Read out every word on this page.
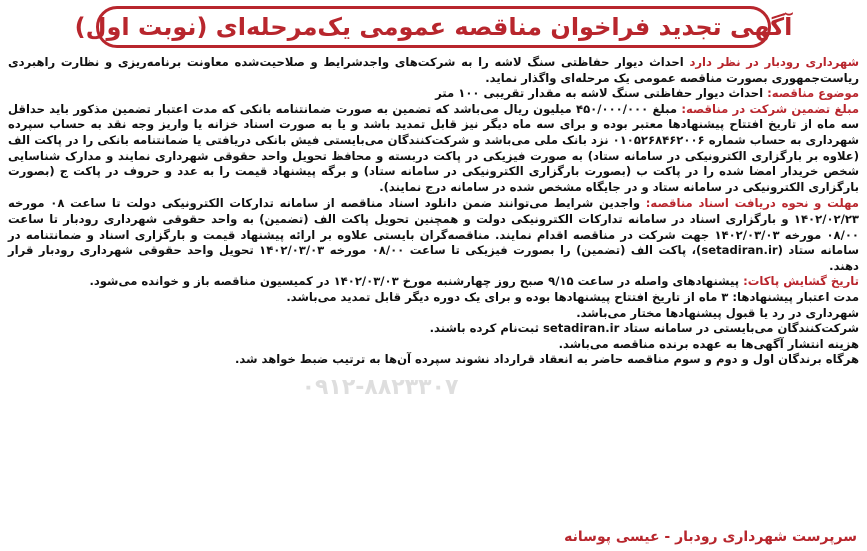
آگهی تجدید فراخوان مناقصه عمومی یک‌مرحله‌ای (نوبت اول)

شهرداری رودبار در نظر دارد احداث دیوار حفاظتی سنگ لاشه را به شرکت‌های واجدشرایط و صلاحیت‌شده معاونت برنامه‌ریزی و نظارت راهبردی ریاست‌جمهوری بصورت مناقصه عمومی یک مرحله‌ای واگذار نماید.

موضوع مناقصه: احداث دیوار حفاظتی سنگ لاشه به مقدار تقریبی ۱۰۰ متر

مبلغ تضمین شرکت در مناقصه: مبلغ ۴۵۰/۰۰۰/۰۰۰ میلیون ریال می‌باشد که تضمین به صورت ضمانتنامه بانکی که مدت اعتبار تضمین مذکور باید حداقل سه ماه از تاریخ افتتاح پیشنهادها معتبر بوده و برای سه ماه دیگر نیز قابل تمدید باشد و یا به صورت اسناد خزانه یا واریز وجه نقد به حساب سپرده شهرداری به حساب شماره ۰۱۰۵۲۶۸۴۶۲۰۰۶ نزد بانک ملی می‌باشد و شرکت‌کنندگان می‌بایستی فیش بانکی دریافتی یا ضمانتنامه بانکی را در پاکت الف (علاوه بر بارگزاری الکترونیکی در سامانه ستاد) به صورت فیزیکی در پاکت دربسته و محافظ تحویل واحد حقوقی شهرداری نمایند و مدارک شناسایی شخص خریدار امضا شده را در پاکت ب (بصورت بارگزاری الکترونیکی در سامانه ستاد) و برگه پیشنهاد قیمت را به عدد و حروف در پاکت ج (بصورت بارگزاری الکترونیکی در سامانه ستاد و در جایگاه مشخص شده در سامانه درج نمایند).

مهلت و نحوه دریافت اسناد مناقصه: واجدین شرایط می‌توانند ضمن دانلود اسناد مناقصه از سامانه تدارکات الکترونیکی دولت تا ساعت ۰۸ مورخه ۱۴۰۲/۰۲/۲۳ و بارگزاری اسناد در سامانه تدارکات الکترونیکی دولت و همچنین تحویل پاکت الف (تضمین) به واحد حقوقی شهرداری رودبار تا ساعت ۰۸/۰۰ مورخه ۱۴۰۲/۰۳/۰۳ جهت شرکت در مناقصه اقدام نمایند. مناقصه‌گران بایستی علاوه بر ارائه پیشنهاد قیمت و بارگزاری اسناد و ضمانتنامه در سامانه ستاد (setadiran.ir)، پاکت الف (تضمین) را بصورت فیزیکی تا ساعت ۰۸/۰۰ مورخه ۱۴۰۲/۰۳/۰۳ تحویل واحد حقوقی شهرداری رودبار قرار دهند.

تاریخ گشایش پاکات: پیشنهادهای واصله در ساعت ۹/۱۵ صبح روز چهارشنبه مورخ ۱۴۰۲/۰۳/۰۳ در کمیسیون مناقصه باز و خوانده می‌شود.

مدت اعتبار پیشنهادها: ۳ ماه از تاریخ افتتاح پیشنهادها بوده و برای یک دوره دیگر قابل تمدید می‌باشد.

شهرداری در رد یا قبول پیشنهادها مختار می‌باشد.

شرکت‌کنندگان می‌بایستی در سامانه ستاد setadiran.ir ثبت‌نام کرده باشند.

هزینه انتشار آگهی‌ها به عهده برنده مناقصه می‌باشد.

هرگاه برندگان اول و دوم و سوم مناقصه حاضر به انعقاد قرارداد نشوند سپرده آن‌ها به ترتیب ضبط خواهد شد.

۰۹۱۲-۸۸۲۳۳۰۷
سرپرست شهرداری رودبار - عیسی پوسانه
